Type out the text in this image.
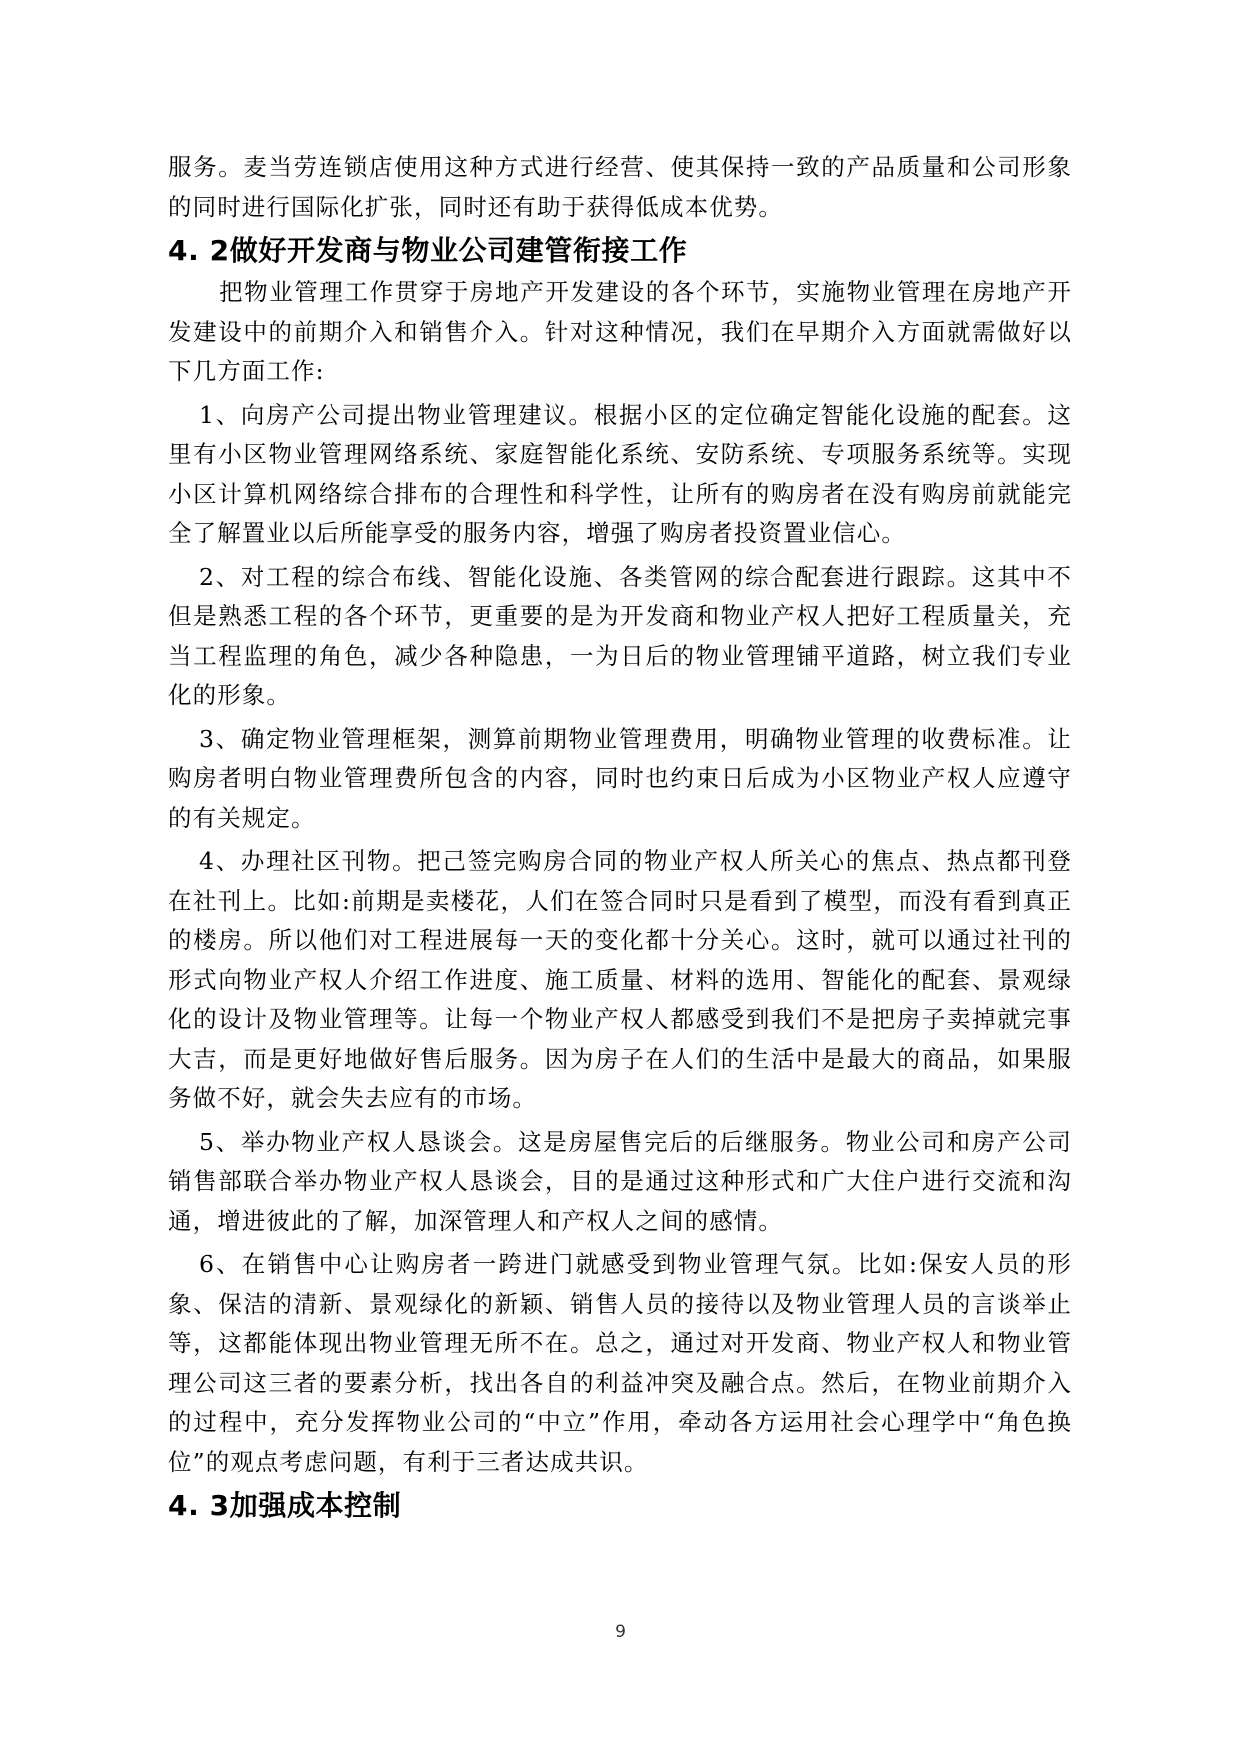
服务。麦当劳连锁店使用这种方式进行经营、使其保持一致的产品质量和公司形象的同时进行国际化扩张，同时还有助于获得低成本优势。

4. 2做好开发商与物业公司建管衔接工作

把物业管理工作贯穿于房地产开发建设的各个环节，实施物业管理在房地产开发建设中的前期介入和销售介入。针对这种情况，我们在早期介入方面就需做好以下几方面工作:

1、向房产公司提出物业管理建议。根据小区的定位确定智能化设施的配套。这里有小区物业管理网络系统、家庭智能化系统、安防系统、专项服务系统等。实现小区计算机网络综合排布的合理性和科学性，让所有的购房者在没有购房前就能完全了解置业以后所能享受的服务内容，增强了购房者投资置业信心。

2、对工程的综合布线、智能化设施、各类管网的综合配套进行跟踪。这其中不但是熟悉工程的各个环节，更重要的是为开发商和物业产权人把好工程质量关，充当工程监理的角色，减少各种隐患，一为日后的物业管理铺平道路，树立我们专业化的形象。

3、确定物业管理框架，测算前期物业管理费用，明确物业管理的收费标准。让购房者明白物业管理费所包含的内容，同时也约束日后成为小区物业产权人应遵守的有关规定。

4、办理社区刊物。把己签完购房合同的物业产权人所关心的焦点、热点都刊登在社刊上。比如:前期是卖楼花，人们在签合同时只是看到了模型，而没有看到真正的楼房。所以他们对工程进展每一天的变化都十分关心。这时，就可以通过社刊的形式向物业产权人介绍工作进度、施工质量、材料的选用、智能化的配套、景观绿化的设计及物业管理等。让每一个物业产权人都感受到我们不是把房子卖掉就完事大吉，而是更好地做好售后服务。因为房子在人们的生活中是最大的商品，如果服务做不好，就会失去应有的市场。

5、举办物业产权人恳谈会。这是房屋售完后的后继服务。物业公司和房产公司销售部联合举办物业产权人恳谈会，目的是通过这种形式和广大住户进行交流和沟通，增进彼此的了解，加深管理人和产权人之间的感情。

6、在销售中心让购房者一跨进门就感受到物业管理气氛。比如:保安人员的形象、保洁的清新、景观绿化的新颖、销售人员的接待以及物业管理人员的言谈举止等，这都能体现出物业管理无所不在。总之，通过对开发商、物业产权人和物业管理公司这三者的要素分析，找出各自的利益冲突及融合点。然后，在物业前期介入的过程中，充分发挥物业公司的“中立”作用，牵动各方运用社会心理学中“角色换位”的观点考虑问题，有利于三者达成共识。

4. 3加强成本控制
9
